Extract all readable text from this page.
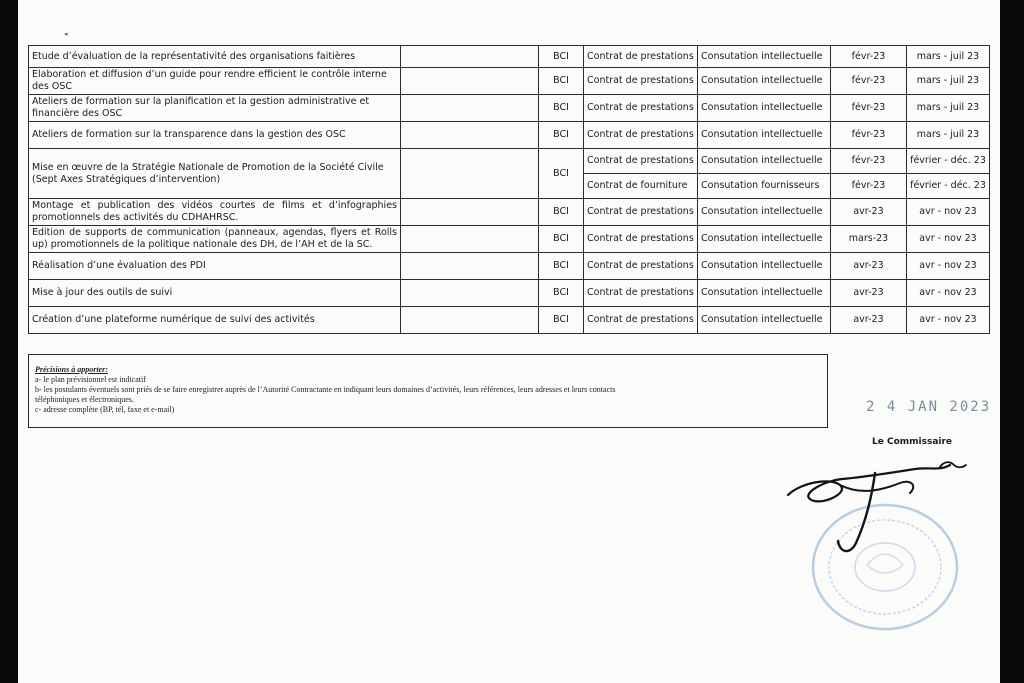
◂
Etude d’évaluation de la représentativité des organisations faitières		BCI	Contrat de prestations	Consutation intellectuelle	févr-23	mars - juil 23
Elaboration et diffusion d’un guide pour rendre efficient le contrôle interne des OSC		BCI	Contrat de prestations	Consutation intellectuelle	févr-23	mars - juil 23
Ateliers de formation sur la planification et la gestion administrative et financière des OSC		BCI	Contrat de prestations	Consutation intellectuelle	févr-23	mars - juil 23
Ateliers de formation sur la transparence dans la gestion des OSC		BCI	Contrat de prestations	Consutation intellectuelle	févr-23	mars - juil 23
Mise en œuvre de la Stratégie Nationale de Promotion de la Société Civile (Sept Axes Stratégiques d’intervention)		BCI	Contrat de prestations	Consutation intellectuelle	févr-23	février - déc. 23
			Contrat de fourniture	Consutation fournisseurs	févr-23	février - déc. 23
Montage et publication des vidéos courtes de films et d’infographies promotionnels des activités du CDHAHRSC.		BCI	Contrat de prestations	Consutation intellectuelle	avr-23	avr - nov 23
Edition de supports de communication (panneaux, agendas, flyers et Rolls up) promotionnels de la politique nationale des DH, de l’AH et de la SC.		BCI	Contrat de prestations	Consutation intellectuelle	mars-23	avr - nov 23
Réalisation d’une évaluation des PDI		BCI	Contrat de prestations	Consutation intellectuelle	avr-23	avr - nov 23
Mise à jour des outils de suivi		BCI	Contrat de prestations	Consutation intellectuelle	avr-23	avr - nov 23
Création d’une plateforme numérique de suivi des activités		BCI	Contrat de prestations	Consutation intellectuelle	avr-23	avr - nov 23
Précisions à apporter:
a- le plan prévisionnel est indicatif
b- les postulants éventuels sont priés de se faire enregistrer auprès de l’Autorité Contractante en indiquant leurs domaines d’activités, leurs références, leurs adresses et leurs contacts
téléphoniques et électroniques.
c- adresse complète (BP, tél, faxe et e-mail)	2 4 JAN 2023
Le Commissaire
